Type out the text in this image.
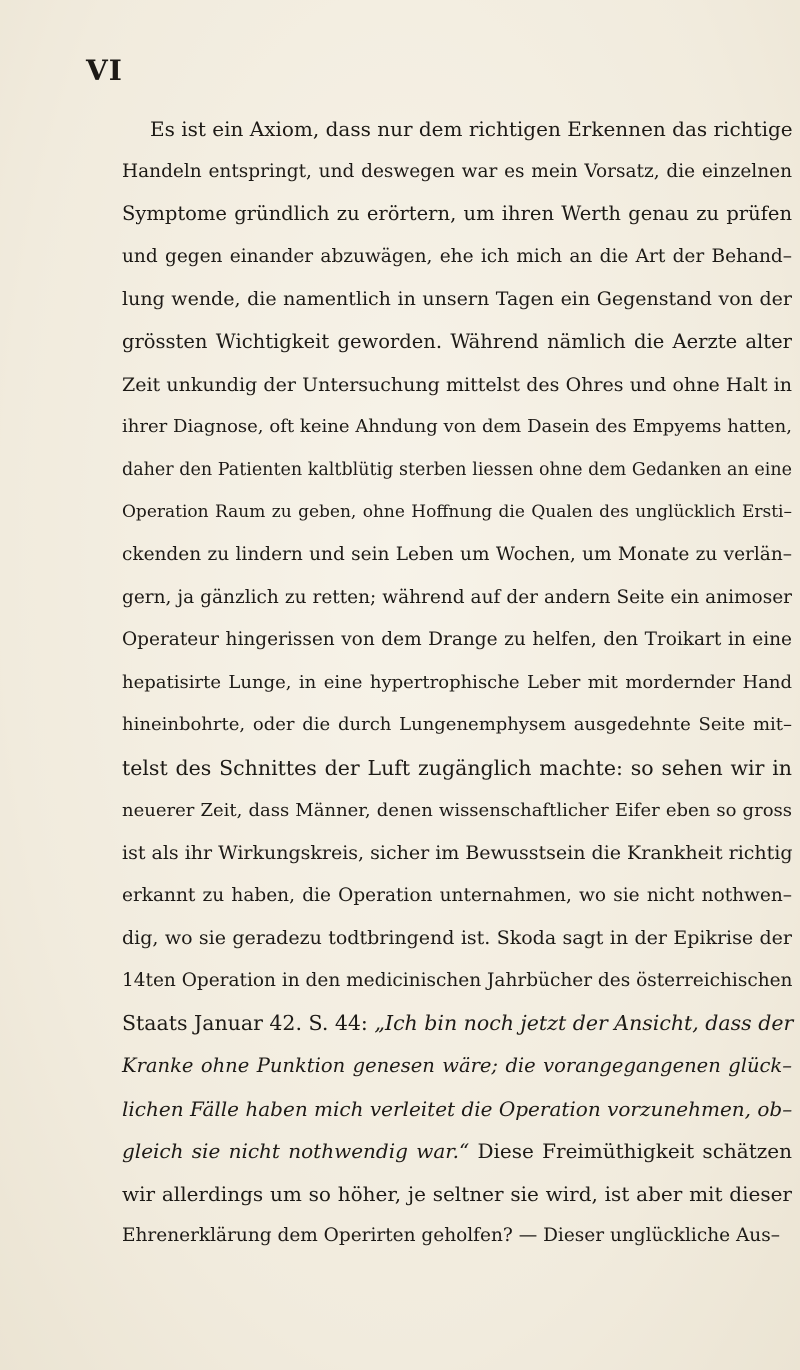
VI
Es ist ein Axiom, dass nur dem richtigen Erkennen das richtige
Handeln entspringt, und deswegen war es mein Vorsatz, die einzelnen
Symptome gründlich zu erörtern, um ihren Werth genau zu prüfen
und gegen einander abzuwägen, ehe ich mich an die Art der Behand–
lung wende, die namentlich in unsern Tagen ein Gegenstand von der
grössten Wichtigkeit geworden. Während nämlich die Aerzte alter
Zeit unkundig der Untersuchung mittelst des Ohres und ohne Halt in
ihrer Diagnose, oft keine Ahndung von dem Dasein des Empyems hatten,
daher den Patienten kaltblütig sterben liessen ohne dem Gedanken an eine
Operation Raum zu geben, ohne Hoffnung die Qualen des unglücklich Ersti–
ckenden zu lindern und sein Leben um Wochen, um Monate zu verlän–
gern, ja gänzlich zu retten; während auf der andern Seite ein animoser
Operateur hingerissen von dem Drange zu helfen, den Troikart in eine
hepatisirte Lunge, in eine hypertrophische Leber mit mordernder Hand
hineinbohrte, oder die durch Lungenemphysem ausgedehnte Seite mit–
telst des Schnittes der Luft zugänglich machte: so sehen wir in
neuerer Zeit, dass Männer, denen wissenschaftlicher Eifer eben so gross
ist als ihr Wirkungskreis, sicher im Bewusstsein die Krankheit richtig
erkannt zu haben, die Operation unternahmen, wo sie nicht nothwen–
dig, wo sie geradezu todtbringend ist. Skoda sagt in der Epikrise der
14ten Operation in den medicinischen Jahrbücher des österreichischen
Staats Januar 42. S. 44: „Ich bin noch jetzt der Ansicht, dass der
Kranke ohne Punktion genesen wäre; die vorangegangenen glück–
lichen Fälle haben mich verleitet die Operation vorzunehmen, ob–
gleich sie nicht nothwendig war.“ Diese Freimüthigkeit schätzen
wir allerdings um so höher, je seltner sie wird, ist aber mit dieser
Ehrenerklärung dem Operirten geholfen? — Dieser unglückliche Aus–
